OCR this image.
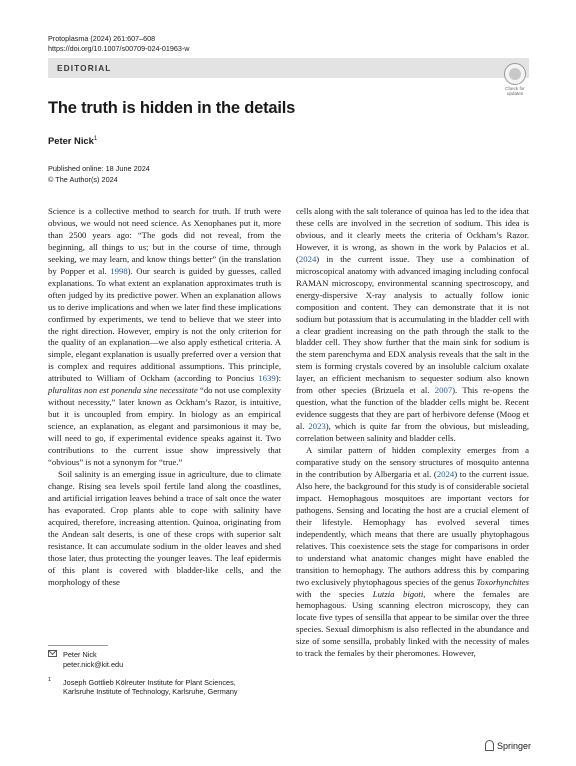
Protoplasma (2024) 261:607–608
https://doi.org/10.1007/s00709-024-01963-w
EDITORIAL
Check for
updates
The truth is hidden in the details
Peter Nick$^1$
Published online: 18 June 2024
© The Author(s) 2024

Science is a collective method to search for truth. If truth were obvious, we would not need science. As Xenophanes put it, more than 2500 years ago: “The gods did not reveal, from the beginning, all things to us; but in the course of time, through seeking, we may learn, and know things better” (in the translation by Popper et al. 1998). Our search is guided by guesses, called explanations. To what extent an explanation approximates truth is often judged by its predictive power. When an explanation allows us to derive implications and when we later find these implications confirmed by experiments, we tend to believe that we steer into the right direction. However, empiry is not the only criterion for the quality of an explanation—we also apply esthetical criteria. A simple, elegant explanation is usually preferred over a version that is complex and requires additional assumptions. This principle, attributed to William of Ockham (according to Poncius 1639): pluralitas non est ponenda sine necessitate “do not use complexity without necessity,” later known as Ockham’s Razor, is intuitive, but it is uncoupled from empiry. In biology as an empirical science, an explanation, as elegant and parsimonious it may be, will need to go, if experimental evidence speaks against it. Two contributions to the current issue show impressively that “obvious” is not a synonym for “true.”

Soil salinity is an emerging issue in agriculture, due to climate change. Rising sea levels spoil fertile land along the coastlines, and artificial irrigation leaves behind a trace of salt once the water has evaporated. Crop plants able to cope with salinity have acquired, therefore, increasing attention. Quinoa, originating from the Andean salt deserts, is one of these crops with superior salt resistance. It can accumulate sodium in the older leaves and shed those later, thus protecting the younger leaves. The leaf epidermis of this plant is covered with bladder-like cells, and the morphology of these

cells along with the salt tolerance of quinoa has led to the idea that these cells are involved in the secretion of sodium. This idea is obvious, and it clearly meets the criteria of Ockham’s Razor. However, it is wrong, as shown in the work by Palacios et al. (2024) in the current issue. They use a combination of microscopical anatomy with advanced imaging including confocal RAMAN microscopy, environmental scanning spectroscopy, and energy-dispersive X-ray analysis to actually follow ionic composition and content. They can demonstrate that it is not sodium but potassium that is accumulating in the bladder cell with a clear gradient increasing on the path through the stalk to the bladder cell. They show further that the main sink for sodium is the stem parenchyma and EDX analysis reveals that the salt in the stem is forming crystals covered by an insoluble calcium oxalate layer, an efficient mechanism to sequester sodium also known from other species (Brizuela et al. 2007). This re-opens the question, what the function of the bladder cells might be. Recent evidence suggests that they are part of herbivore defense (Moog et al. 2023), which is quite far from the obvious, but misleading, correlation between salinity and bladder cells.

A similar pattern of hidden complexity emerges from a comparative study on the sensory structures of mosquito antenna in the contribution by Albergaria et al. (2024) to the current issue. Also here, the background for this study is of considerable societal impact. Hemophagous mosquitoes are important vectors for pathogens. Sensing and locating the host are a crucial element of their lifestyle. Hemophagy has evolved several times independently, which means that there are usually phytophagous relatives. This coexistence sets the stage for comparisons in order to understand what anatomic changes might have enabled the transition to hemophagy. The authors address this by comparing two exclusively phytophagous species of the genus Toxorhynchites with the species Lutzia bigoti, where the females are hemophagous. Using scanning electron microscopy, they can locate five types of sensilla that appear to be similar over the three species. Sexual dimorphism is also reflected in the abundance and size of some sensilla, probably linked with the necessity of males to track the females by their pheromones. However,

Peter Nick
peter.nick@kit.edu
1 Joseph Gottlieb Kölreuter Institute for Plant Sciences,
Karlsruhe Institute of Technology, Karlsruhe, Germany
Springer
